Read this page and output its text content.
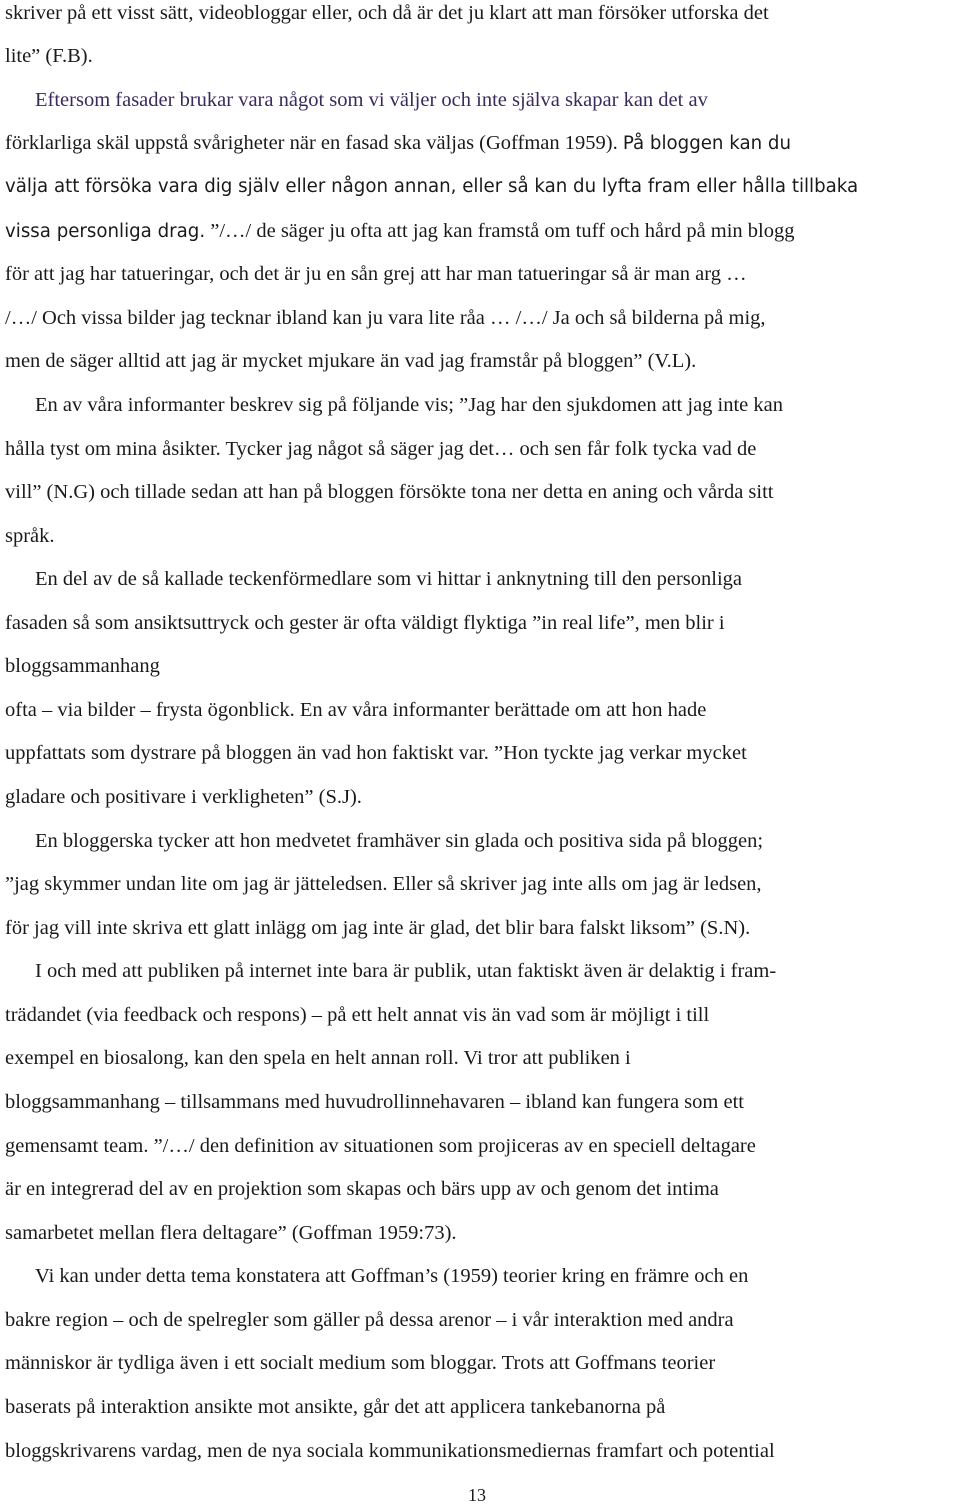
skriver på ett visst sätt, videobloggar eller, och då är det ju klart att man försöker utforska det
lite” (F.B).
Eftersom fasader brukar vara något som vi väljer och inte själva skapar kan det av
förklarliga skäl uppstå svårigheter när en fasad ska väljas (Goffman 1959). På bloggen kan du
välja att försöka vara dig själv eller någon annan, eller så kan du lyfta fram eller hålla tillbaka
vissa personliga drag. ”/…/ de säger ju ofta att jag kan framstå om tuff och hård på min blogg
för att jag har tatueringar, och det är ju en sån grej att har man tatueringar så är man arg …
/…/ Och vissa bilder jag tecknar ibland kan ju vara lite råa … /…/ Ja och så bilderna på mig,
men de säger alltid att jag är mycket mjukare än vad jag framstår på bloggen” (V.L).
En av våra informanter beskrev sig på följande vis; ”Jag har den sjukdomen att jag inte kan
hålla tyst om mina åsikter. Tycker jag något så säger jag det… och sen får folk tycka vad de
vill” (N.G) och tillade sedan att han på bloggen försökte tona ner detta en aning och vårda sitt
språk.
En del av de så kallade teckenförmedlare som vi hittar i anknytning till den personliga
fasaden så som ansiktsuttryck och gester är ofta väldigt flyktiga ”in real life”, men blir i
bloggsammanhang
ofta – via bilder – frysta ögonblick. En av våra informanter berättade om att hon hade
uppfattats som dystrare på bloggen än vad hon faktiskt var. ”Hon tyckte jag verkar mycket
gladare och positivare i verkligheten” (S.J).
En bloggerska tycker att hon medvetet framhäver sin glada och positiva sida på bloggen;
”jag skymmer undan lite om jag är jätteledsen. Eller så skriver jag inte alls om jag är ledsen,
för jag vill inte skriva ett glatt inlägg om jag inte är glad, det blir bara falskt liksom” (S.N).
I och med att publiken på internet inte bara är publik, utan faktiskt även är delaktig i fram-
trädandet (via feedback och respons) – på ett helt annat vis än vad som är möjligt i till
exempel en biosalong, kan den spela en helt annan roll. Vi tror att publiken i
bloggsammanhang – tillsammans med huvudrollinnehavaren – ibland kan fungera som ett
gemensamt team. ”/…/ den definition av situationen som projiceras av en speciell deltagare
är en integrerad del av en projektion som skapas och bärs upp av och genom det intima
samarbetet mellan flera deltagare” (Goffman 1959:73).
Vi kan under detta tema konstatera att Goffman’s (1959) teorier kring en främre och en
bakre region – och de spelregler som gäller på dessa arenor – i vår interaktion med andra
människor är tydliga även i ett socialt medium som bloggar. Trots att Goffmans teorier
baserats på interaktion ansikte mot ansikte, går det att applicera tankebanorna på
bloggskrivarens vardag, men de nya sociala kommunikationsmediernas framfart och potential
13
